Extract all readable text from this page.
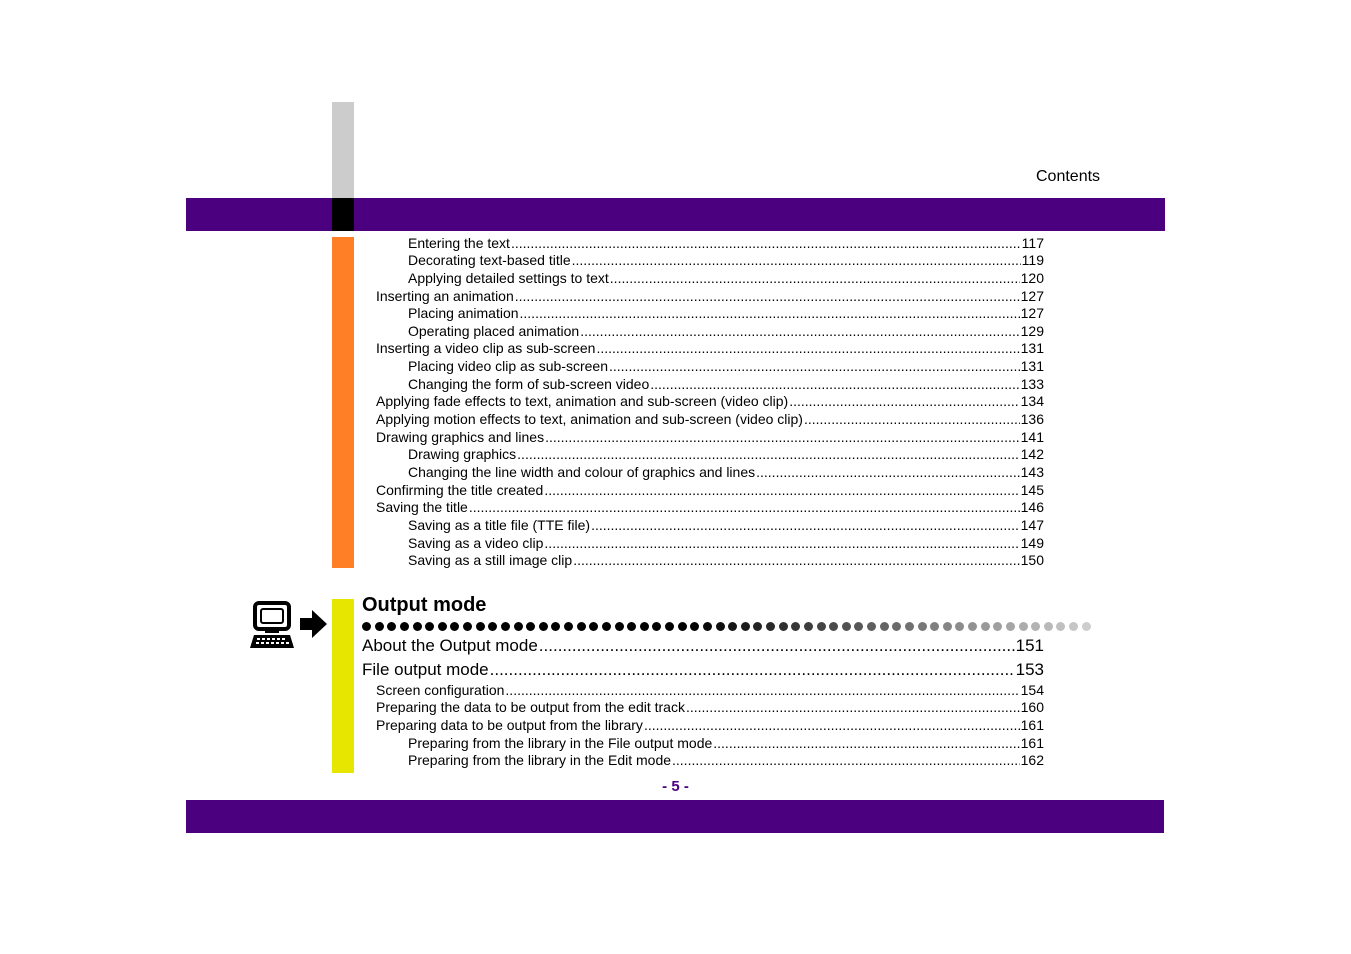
Contents
Entering the text .....	117
Decorating text-based title .....	119
Applying detailed settings to text .....	120
Inserting an animation .....	127
Placing animation .....	127
Operating placed animation .....	129
Inserting a video clip as sub-screen .....	131
Placing video clip as sub-screen .....	131
Changing the form of sub-screen video .....	133
Applying fade effects to text, animation and sub-screen (video clip) .....	134
Applying motion effects to text, animation and sub-screen (video clip) .....	136
Drawing graphics and lines .....	141
Drawing graphics .....	142
Changing the line width and colour of graphics and lines .....	143
Confirming the title created .....	145
Saving the title .....	146
Saving as a title file (TTE file) .....	147
Saving as a video clip .....	149
Saving as a still image clip .....	150
Output mode
About the Output mode .....	151
File output mode .....	153
Screen configuration .....	154
Preparing the data to be output from the edit track .....	160
Preparing data to be output from the library .....	161
Preparing from the library in the File output mode .....	161
Preparing from the library in the Edit mode .....	162
- 5 -
